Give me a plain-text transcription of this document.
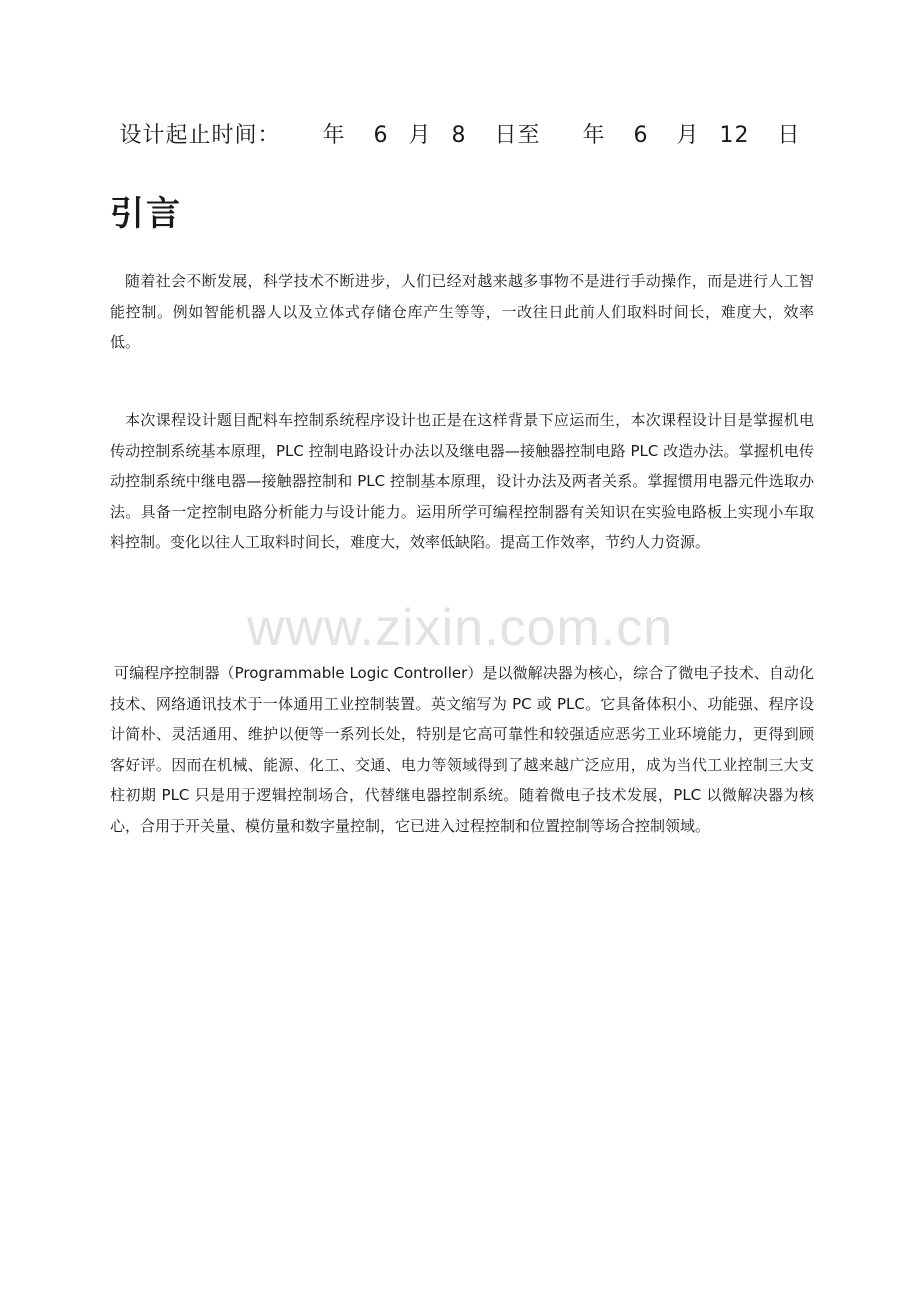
设计起止时间： 年 6 月 8 日至 年 6 月 12 日
引言

随着社会不断发展，科学技术不断进步，人们已经对越来越多事物不是进行手动操作，而是进行人工智能控制。例如智能机器人以及立体式存储仓库产生等等，一改往日此前人们取料时间长，难度大，效率低。

本次课程设计题目配料车控制系统程序设计也正是在这样背景下应运而生，本次课程设计目是掌握机电传动控制系统基本原理，PLC 控制电路设计办法以及继电器—接触器控制电路 PLC 改造办法。掌握机电传动控制系统中继电器—接触器控制和 PLC 控制基本原理，设计办法及两者关系。掌握惯用电器元件选取办法。具备一定控制电路分析能力与设计能力。运用所学可编程控制器有关知识在实验电路板上实现小车取料控制。变化以往人工取料时间长，难度大，效率低缺陷。提高工作效率，节约人力资源。

www.zixin.com.cn

可编程序控制器（Programmable Logic Controller）是以微解决器为核心，综合了微电子技术、自动化技术、网络通讯技术于一体通用工业控制装置。英文缩写为 PC 或 PLC。它具备体积小、功能强、程序设计简朴、灵活通用、维护以便等一系列长处，特别是它高可靠性和较强适应恶劣工业环境能力，更得到顾客好评。因而在机械、能源、化工、交通、电力等领域得到了越来越广泛应用，成为当代工业控制三大支柱初期 PLC 只是用于逻辑控制场合，代替继电器控制系统。随着微电子技术发展，PLC 以微解决器为核心，合用于开关量、模仿量和数字量控制，它已进入过程控制和位置控制等场合控制领域。
